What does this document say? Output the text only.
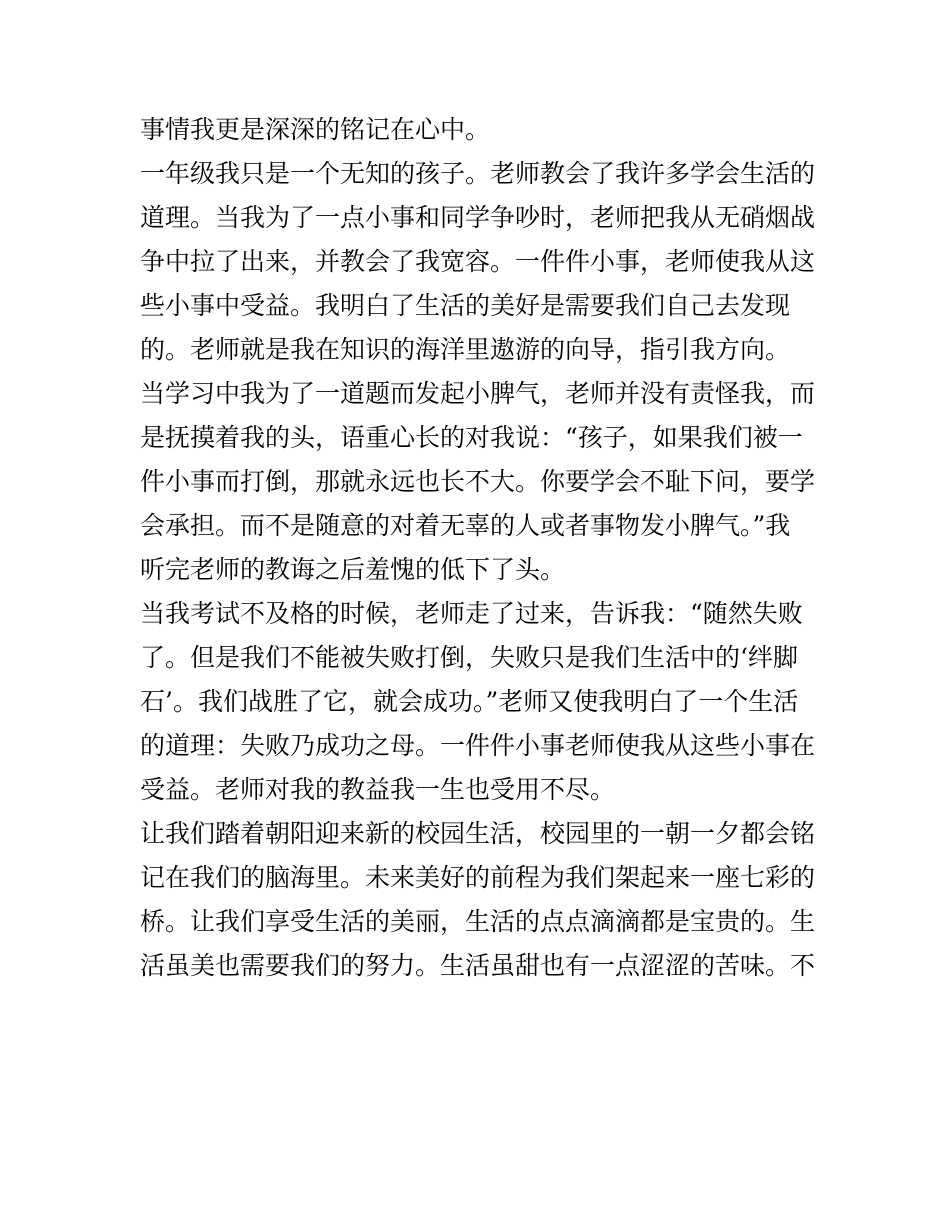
事情我更是深深的铭记在心中。
一年级我只是一个无知的孩子。老师教会了我许多学会生活的
道理。当我为了一点小事和同学争吵时，老师把我从无硝烟战
争中拉了出来，并教会了我宽容。一件件小事，老师使我从这
些小事中受益。我明白了生活的美好是需要我们自己去发现
的。老师就是我在知识的海洋里遨游的向导，指引我方向。
当学习中我为了一道题而发起小脾气，老师并没有责怪我，而
是抚摸着我的头，语重心长的对我说：“孩子，如果我们被一
件小事而打倒，那就永远也长不大。你要学会不耻下问，要学
会承担。而不是随意的对着无辜的人或者事物发小脾气。”我
听完老师的教诲之后羞愧的低下了头。
当我考试不及格的时候，老师走了过来，告诉我：“随然失败
了。但是我们不能被失败打倒，失败只是我们生活中的‘绊脚
石’。我们战胜了它，就会成功。”老师又使我明白了一个生活
的道理：失败乃成功之母。一件件小事老师使我从这些小事在
受益。老师对我的教益我一生也受用不尽。
让我们踏着朝阳迎来新的校园生活，校园里的一朝一夕都会铭
记在我们的脑海里。未来美好的前程为我们架起来一座七彩的
桥。让我们享受生活的美丽，生活的点点滴滴都是宝贵的。生
活虽美也需要我们的努力。生活虽甜也有一点涩涩的苦味。不
